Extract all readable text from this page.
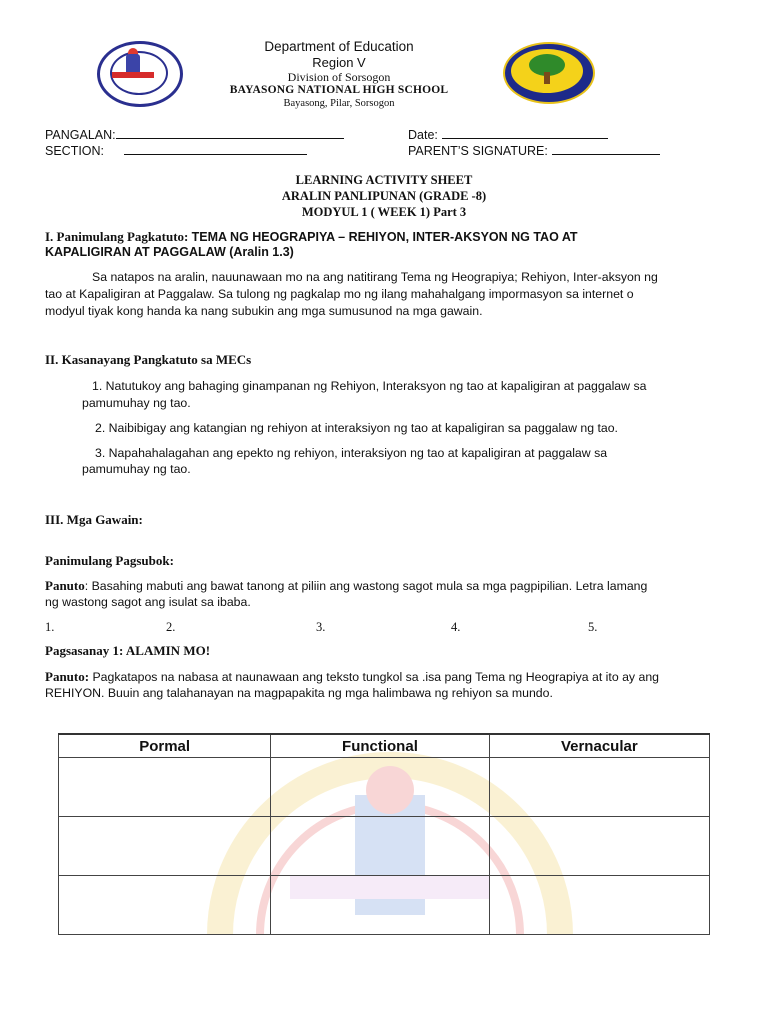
Department of Education
Region V
Division of Sorsogon
BAYASONG NATIONAL HIGH SCHOOL
Bayasong, Pilar, Sorsogon
PANGALAN:
SECTION:
Date:
PARENT’S SIGNATURE:
LEARNING ACTIVITY SHEET
ARALIN PANLIPUNAN (GRADE -8)
MODYUL 1 ( WEEK 1) Part 3
I. Panimulang Pagkatuto: TEMA NG HEOGRAPIYA – REHIYON, INTER-AKSYON NG TAO AT
KAPALIGIRAN AT PAGGALAW (Aralin 1.3)
Sa natapos na aralin, nauunawaan mo na ang natitirang Tema ng Heograpiya; Rehiyon, Inter-aksyon ng
tao at Kapaligiran at Paggalaw. Sa tulong ng pagkalap mo ng ilang mahahalgang impormasyon sa internet o
modyul tiyak kong handa ka nang subukin ang mga sumusunod na mga gawain.
II. Kasanayang Pangkatuto sa MECs
1. Natutukoy ang bahaging ginampanan ng Rehiyon, Interaksyon ng tao at kapaligiran at paggalaw sa
pamumuhay ng tao.
2. Naibibigay ang katangian ng rehiyon at interaksiyon ng tao at kapaligiran sa paggalaw ng tao.
3. Napahahalagahan ang epekto ng rehiyon, interaksiyon ng tao at kapaligiran at paggalaw sa
pamumuhay ng tao.
III. Mga Gawain:
Panimulang Pagsubok:
Panuto: Basahing mabuti ang bawat tanong at piliin ang wastong sagot mula sa mga pagpipilian. Letra lamang
ng wastong sagot ang isulat sa ibaba.
1.	2.	3.	4.	5.
Pagsasanay 1: ALAMIN MO!
Panuto: Pagkatapos na nabasa at naunawaan ang teksto tungkol sa .isa pang Tema ng Heograpiya at ito ay ang
REHIYON. Buuin ang talahanayan na magpapakita ng mga halimbawa ng rehiyon sa mundo.
Pormal	Functional	Vernacular
